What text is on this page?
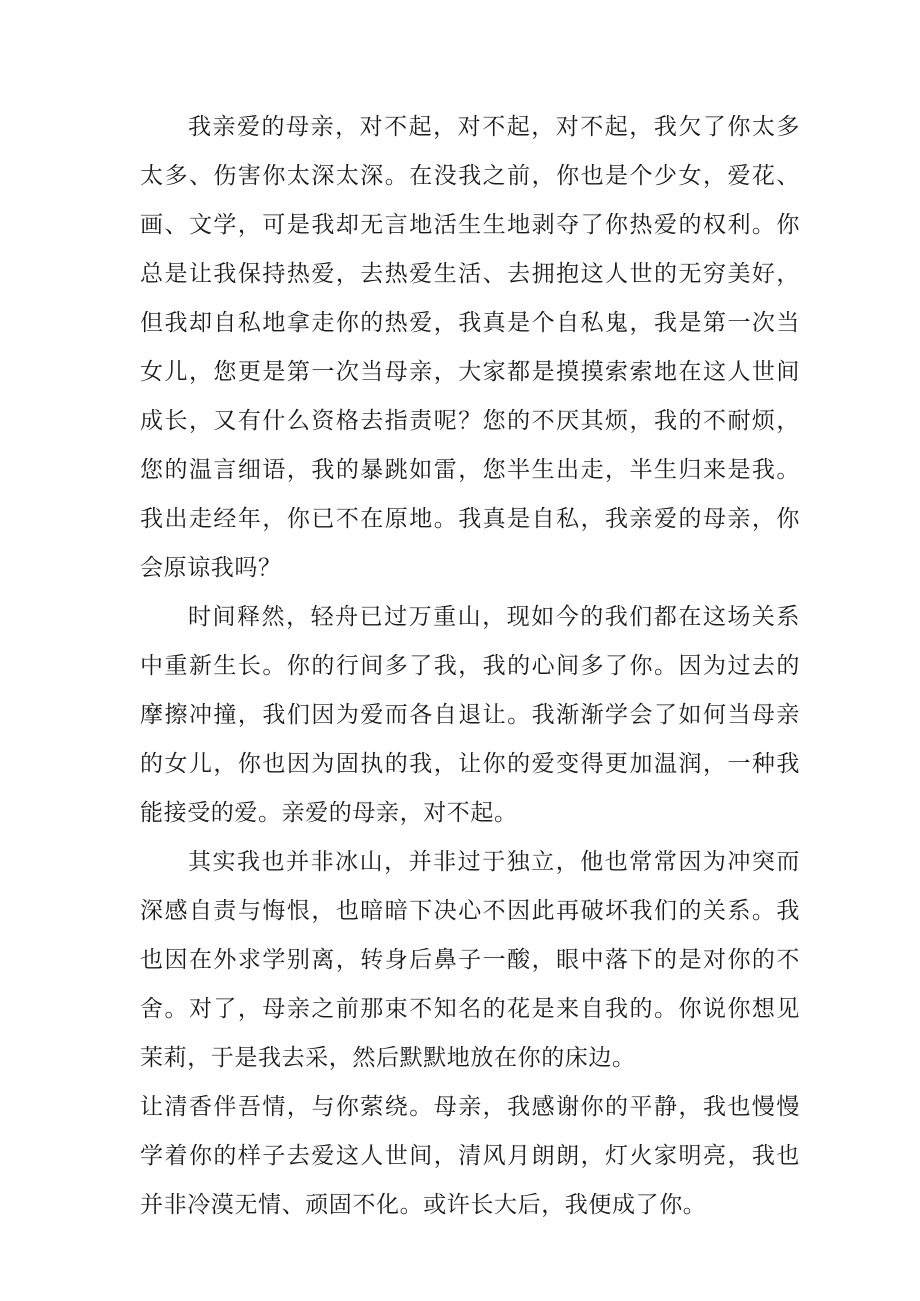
我亲爱的母亲，对不起，对不起，对不起，我欠了你太多太多、伤害你太深太深。在没我之前，你也是个少女，爱花、画、文学，可是我却无言地活生生地剥夺了你热爱的权利。你总是让我保持热爱，去热爱生活、去拥抱这人世的无穷美好，但我却自私地拿走你的热爱，我真是个自私鬼，我是第一次当女儿，您更是第一次当母亲，大家都是摸摸索索地在这人世间成长，又有什么资格去指责呢？您的不厌其烦，我的不耐烦，您的温言细语，我的暴跳如雷，您半生出走，半生归来是我。我出走经年，你已不在原地。我真是自私，我亲爱的母亲，你会原谅我吗？

时间释然，轻舟已过万重山，现如今的我们都在这场关系中重新生长。你的行间多了我，我的心间多了你。因为过去的摩擦冲撞，我们因为爱而各自退让。我渐渐学会了如何当母亲的女儿，你也因为固执的我，让你的爱变得更加温润，一种我能接受的爱。亲爱的母亲，对不起。

其实我也并非冰山，并非过于独立，他也常常因为冲突而深感自责与悔恨，也暗暗下决心不因此再破坏我们的关系。我也因在外求学别离，转身后鼻子一酸，眼中落下的是对你的不舍。对了，母亲之前那束不知名的花是来自我的。你说你想见茉莉，于是我去采，然后默默地放在你的床边。

让清香伴吾情，与你萦绕。母亲，我感谢你的平静，我也慢慢学着你的样子去爱这人世间，清风月朗朗，灯火家明亮，我也并非冷漠无情、顽固不化。或许长大后，我便成了你。
